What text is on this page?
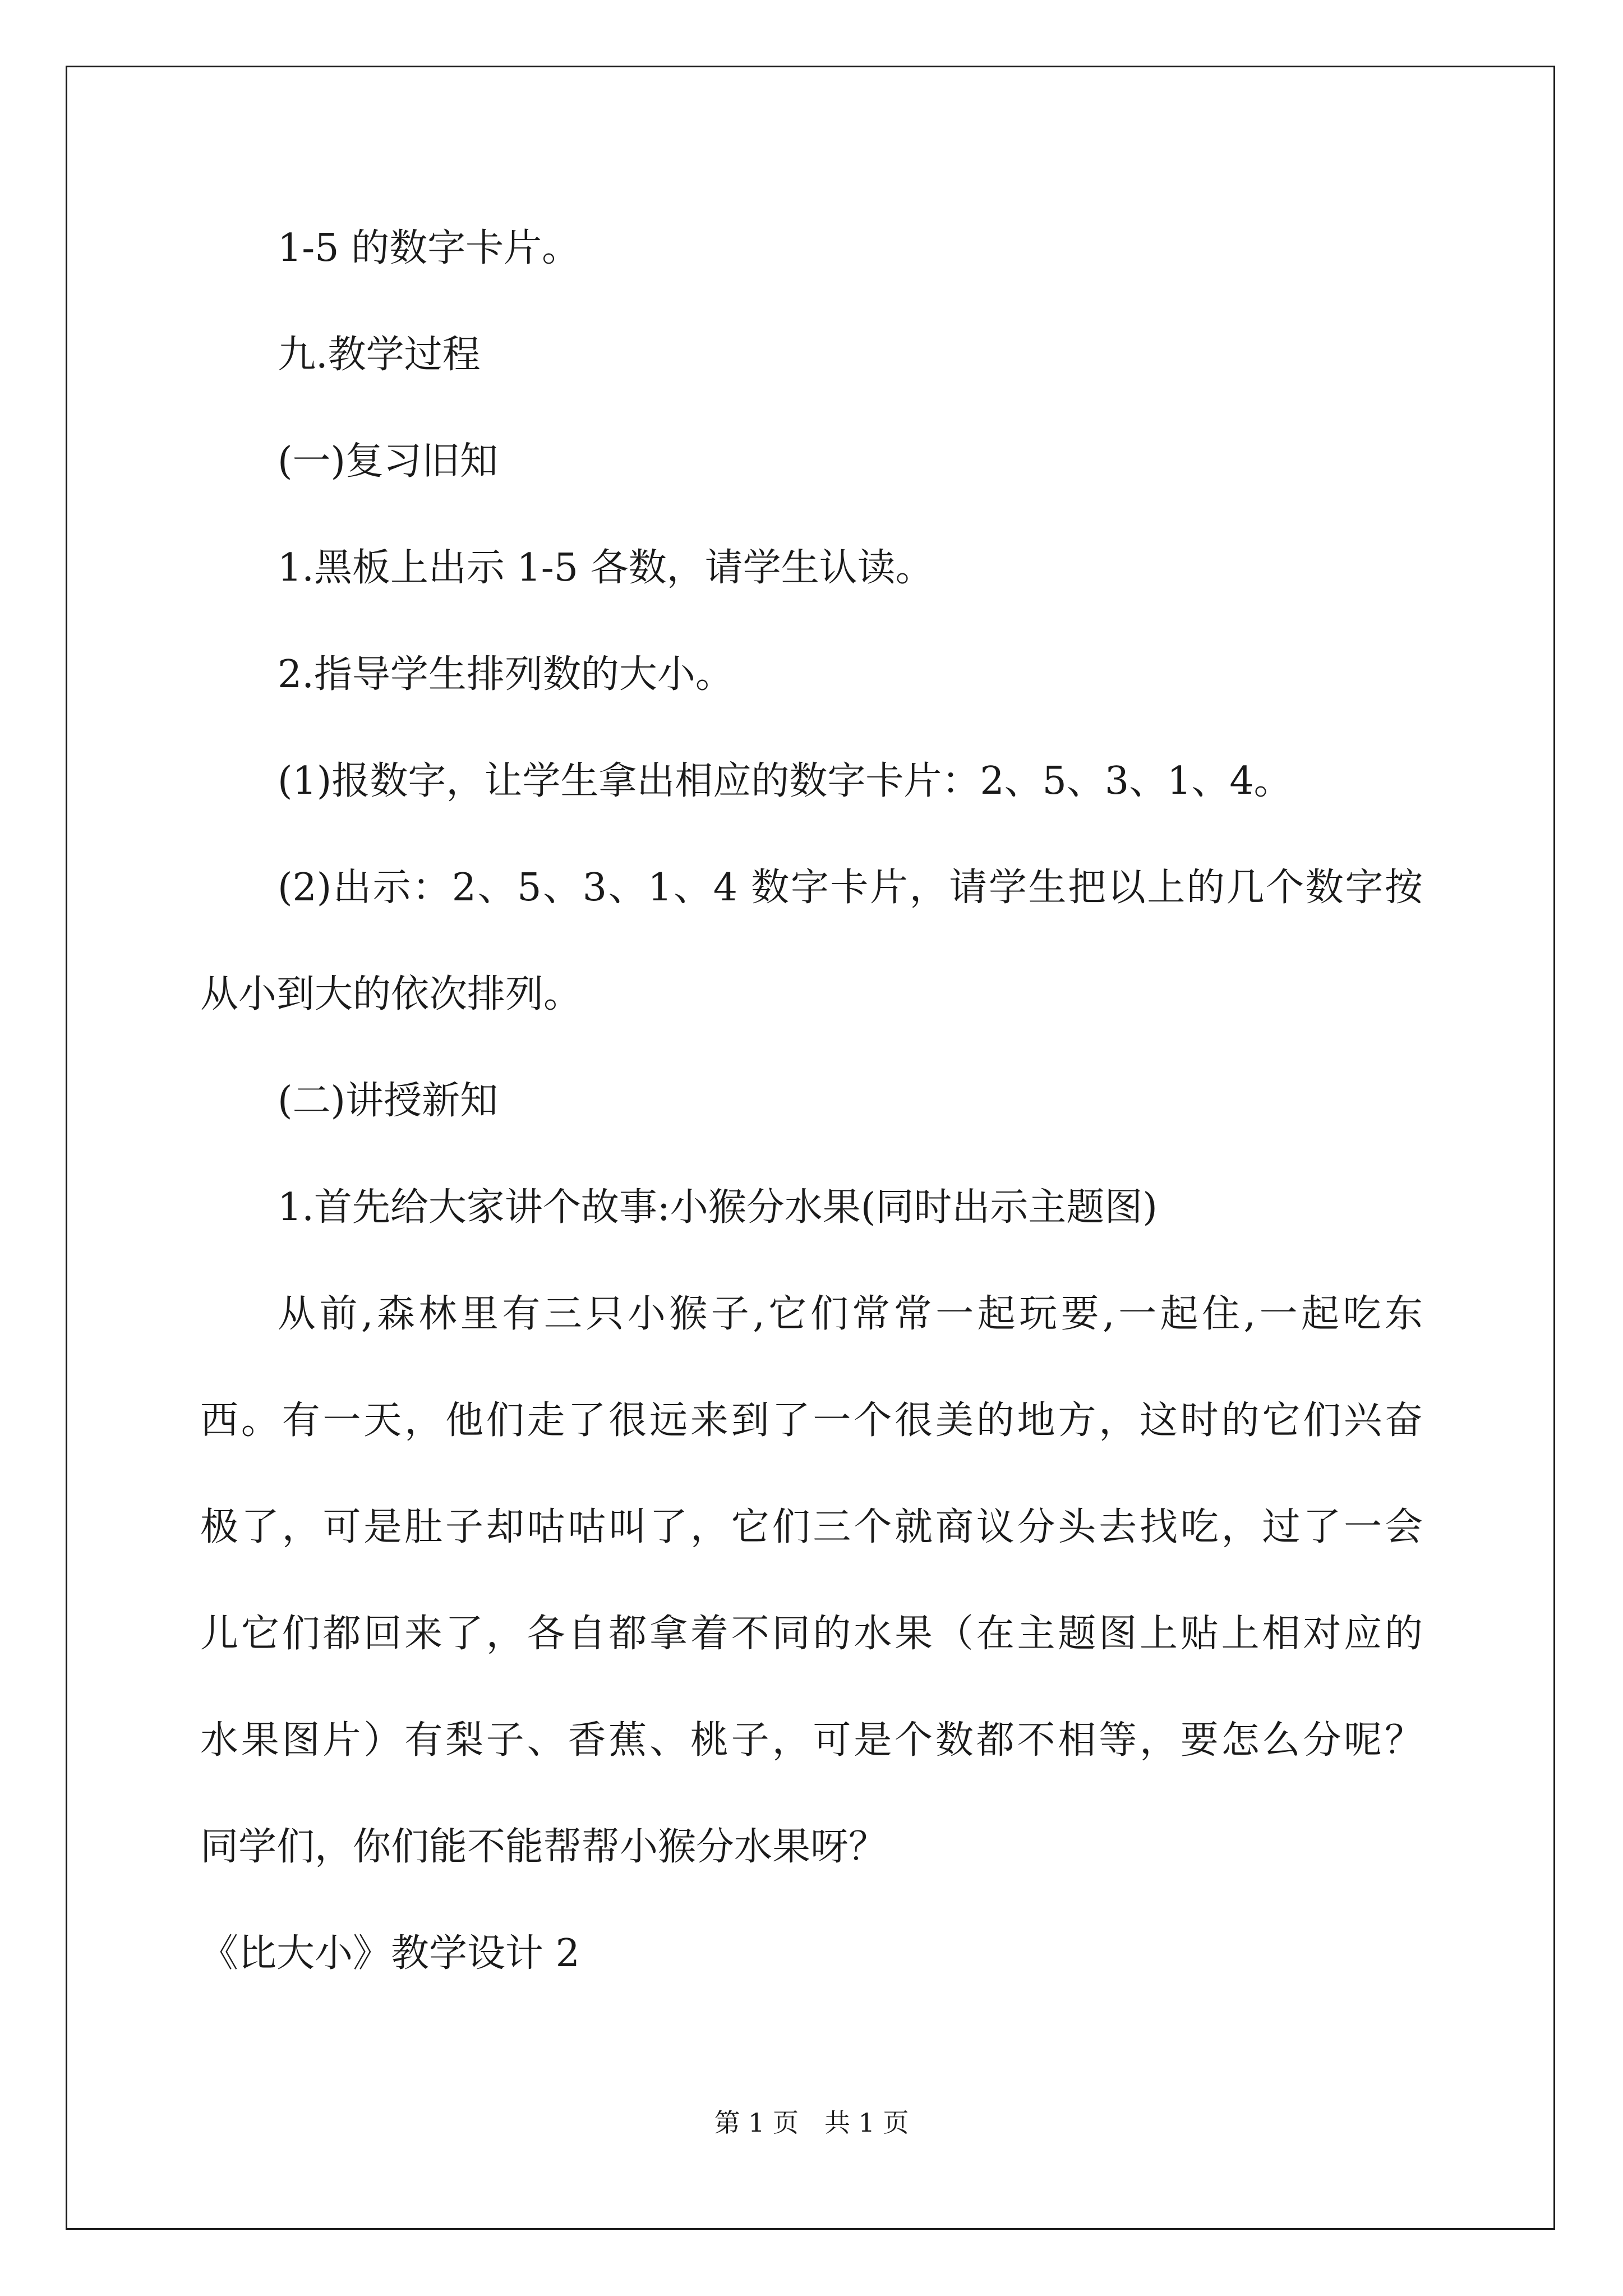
1-5 的数字卡片。
九.教学过程
(一)复习旧知
1.黑板上出示 1-5 各数，请学生认读。
2.指导学生排列数的大小。
(1)报数字，让学生拿出相应的数字卡片：2、5、3、1、4。
(2)出示：2、5、3、1、4 数字卡片，请学生把以上的几个数字按
从小到大的依次排列。
(二)讲授新知
1.首先给大家讲个故事:小猴分水果(同时出示主题图)
从前,森林里有三只小猴子,它们常常一起玩要,一起住,一起吃东
西。有一天，他们走了很远来到了一个很美的地方，这时的它们兴奋
极了，可是肚子却咕咕叫了，它们三个就商议分头去找吃，过了一会
儿它们都回来了，各自都拿着不同的水果（在主题图上贴上相对应的
水果图片）有梨子、香蕉、桃子，可是个数都不相等，要怎么分呢？
同学们，你们能不能帮帮小猴分水果呀？
《比大小》教学设计 2
第 1 页　共 1 页
